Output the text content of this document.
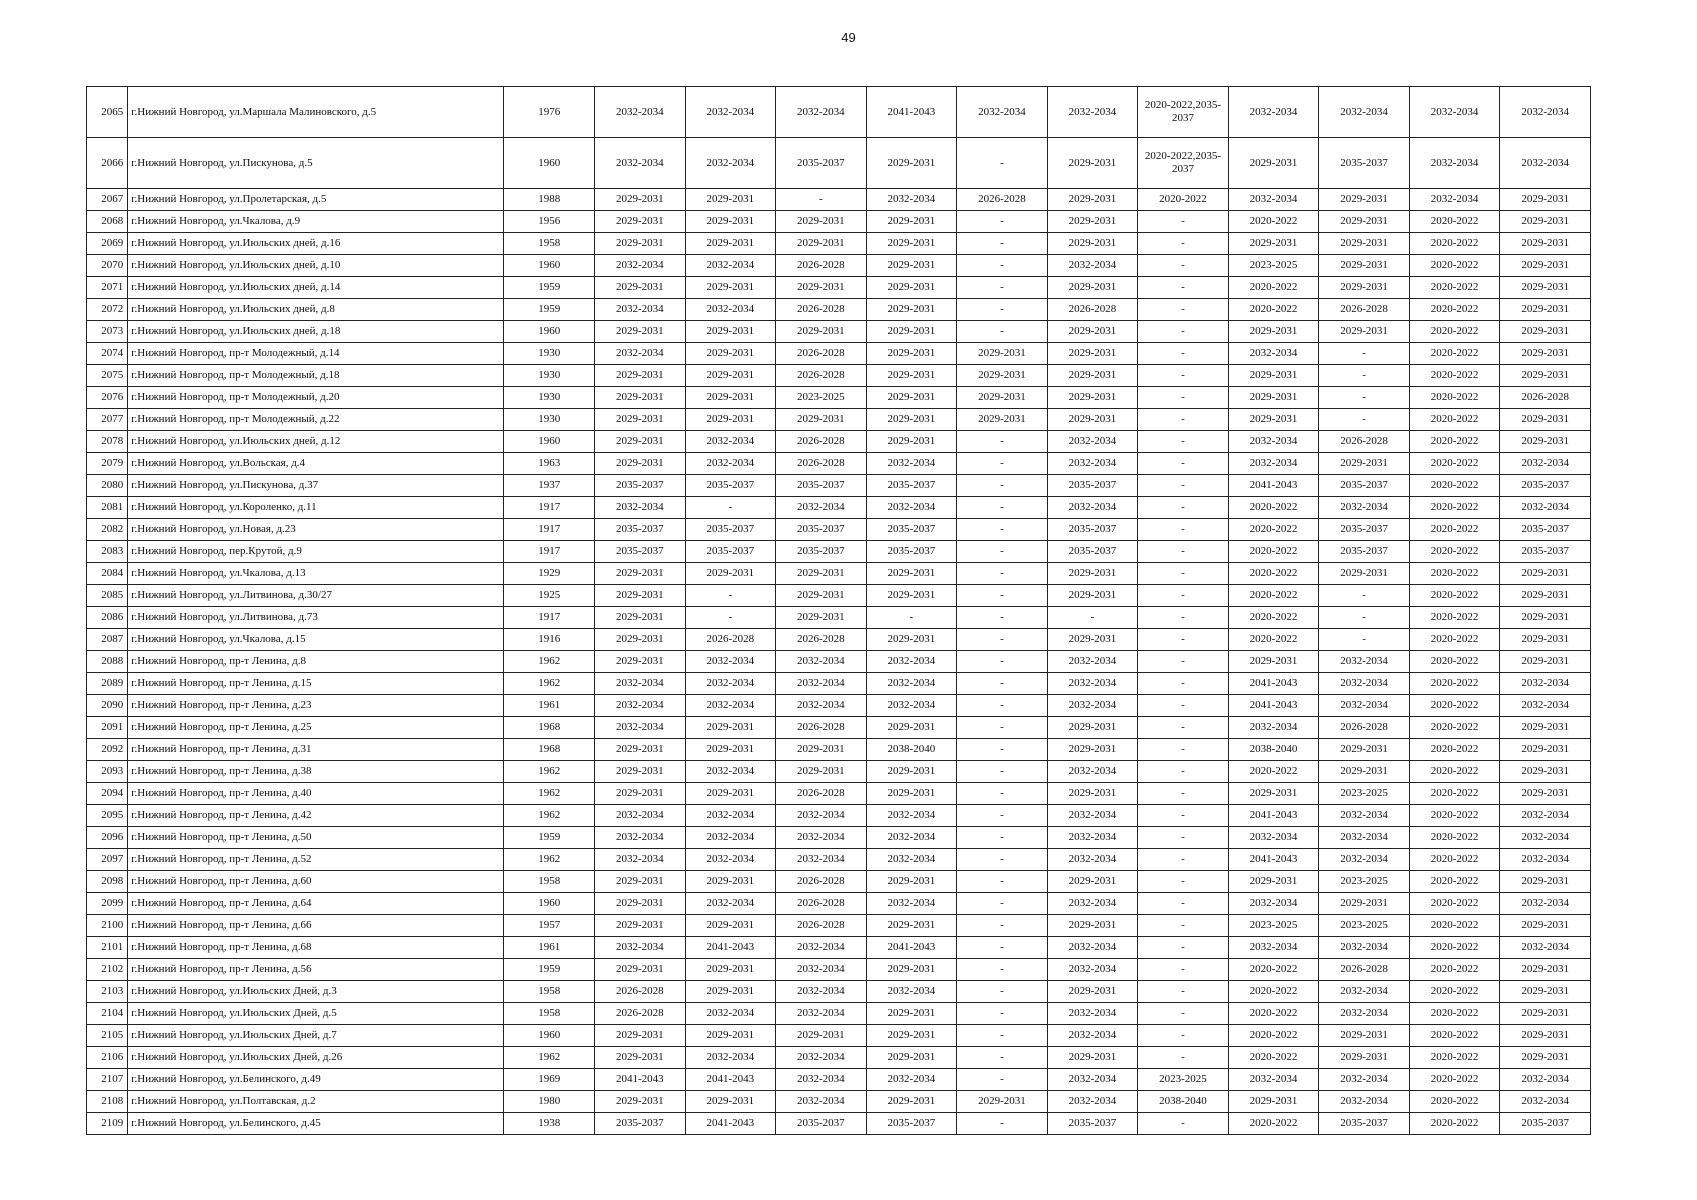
49
2065	г.Нижний Новгород, ул.Маршала Малиновского, д.5	1976	2032-2034	2032-2034	2032-2034	2041-2043	2032-2034	2032-2034	2020-2022,​2035-2037	2032-2034	2032-2034	2032-2034	2032-2034
2066	г.Нижний Новгород, ул.Пискунова, д.5	1960	2032-2034	2032-2034	2035-2037	2029-2031	-	2029-2031	2020-2022,​2035-2037	2029-2031	2035-2037	2032-2034	2032-2034
2067	г.Нижний Новгород, ул.Пролетарская, д.5	1988	2029-2031	2029-2031	-	2032-2034	2026-2028	2029-2031	2020-2022	2032-2034	2029-2031	2032-2034	2029-2031
2068	г.Нижний Новгород, ул.Чкалова, д.9	1956	2029-2031	2029-2031	2029-2031	2029-2031	-	2029-2031	-	2020-2022	2029-2031	2020-2022	2029-2031
2069	г.Нижний Новгород, ул.Июльских дней, д.16	1958	2029-2031	2029-2031	2029-2031	2029-2031	-	2029-2031	-	2029-2031	2029-2031	2020-2022	2029-2031
2070	г.Нижний Новгород, ул.Июльских дней, д.10	1960	2032-2034	2032-2034	2026-2028	2029-2031	-	2032-2034	-	2023-2025	2029-2031	2020-2022	2029-2031
2071	г.Нижний Новгород, ул.Июльских дней, д.14	1959	2029-2031	2029-2031	2029-2031	2029-2031	-	2029-2031	-	2020-2022	2029-2031	2020-2022	2029-2031
2072	г.Нижний Новгород, ул.Июльских дней, д.8	1959	2032-2034	2032-2034	2026-2028	2029-2031	-	2026-2028	-	2020-2022	2026-2028	2020-2022	2029-2031
2073	г.Нижний Новгород, ул.Июльских дней, д.18	1960	2029-2031	2029-2031	2029-2031	2029-2031	-	2029-2031	-	2029-2031	2029-2031	2020-2022	2029-2031
2074	г.Нижний Новгород, пр-т Молодежный, д.14	1930	2032-2034	2029-2031	2026-2028	2029-2031	2029-2031	2029-2031	-	2032-2034	-	2020-2022	2029-2031
2075	г.Нижний Новгород, пр-т Молодежный, д.18	1930	2029-2031	2029-2031	2026-2028	2029-2031	2029-2031	2029-2031	-	2029-2031	-	2020-2022	2029-2031
2076	г.Нижний Новгород, пр-т Молодежный, д.20	1930	2029-2031	2029-2031	2023-2025	2029-2031	2029-2031	2029-2031	-	2029-2031	-	2020-2022	2026-2028
2077	г.Нижний Новгород, пр-т Молодежный, д.22	1930	2029-2031	2029-2031	2029-2031	2029-2031	2029-2031	2029-2031	-	2029-2031	-	2020-2022	2029-2031
2078	г.Нижний Новгород, ул.Июльских дней, д.12	1960	2029-2031	2032-2034	2026-2028	2029-2031	-	2032-2034	-	2032-2034	2026-2028	2020-2022	2029-2031
2079	г.Нижний Новгород, ул.Вольская, д.4	1963	2029-2031	2032-2034	2026-2028	2032-2034	-	2032-2034	-	2032-2034	2029-2031	2020-2022	2032-2034
2080	г.Нижний Новгород, ул.Пискунова, д.37	1937	2035-2037	2035-2037	2035-2037	2035-2037	-	2035-2037	-	2041-2043	2035-2037	2020-2022	2035-2037
2081	г.Нижний Новгород, ул.Короленко, д.11	1917	2032-2034	-	2032-2034	2032-2034	-	2032-2034	-	2020-2022	2032-2034	2020-2022	2032-2034
2082	г.Нижний Новгород, ул.Новая, д.23	1917	2035-2037	2035-2037	2035-2037	2035-2037	-	2035-2037	-	2020-2022	2035-2037	2020-2022	2035-2037
2083	г.Нижний Новгород, пер.Крутой, д.9	1917	2035-2037	2035-2037	2035-2037	2035-2037	-	2035-2037	-	2020-2022	2035-2037	2020-2022	2035-2037
2084	г.Нижний Новгород, ул.Чкалова, д.13	1929	2029-2031	2029-2031	2029-2031	2029-2031	-	2029-2031	-	2020-2022	2029-2031	2020-2022	2029-2031
2085	г.Нижний Новгород, ул.Литвинова, д.30/27	1925	2029-2031	-	2029-2031	2029-2031	-	2029-2031	-	2020-2022	-	2020-2022	2029-2031
2086	г.Нижний Новгород, ул.Литвинова, д.73	1917	2029-2031	-	2029-2031	-	-	-	-	2020-2022	-	2020-2022	2029-2031
2087	г.Нижний Новгород, ул.Чкалова, д.15	1916	2029-2031	2026-2028	2026-2028	2029-2031	-	2029-2031	-	2020-2022	-	2020-2022	2029-2031
2088	г.Нижний Новгород, пр-т Ленина, д.8	1962	2029-2031	2032-2034	2032-2034	2032-2034	-	2032-2034	-	2029-2031	2032-2034	2020-2022	2029-2031
2089	г.Нижний Новгород, пр-т Ленина, д.15	1962	2032-2034	2032-2034	2032-2034	2032-2034	-	2032-2034	-	2041-2043	2032-2034	2020-2022	2032-2034
2090	г.Нижний Новгород, пр-т Ленина, д.23	1961	2032-2034	2032-2034	2032-2034	2032-2034	-	2032-2034	-	2041-2043	2032-2034	2020-2022	2032-2034
2091	г.Нижний Новгород, пр-т Ленина, д.25	1968	2032-2034	2029-2031	2026-2028	2029-2031	-	2029-2031	-	2032-2034	2026-2028	2020-2022	2029-2031
2092	г.Нижний Новгород, пр-т Ленина, д.31	1968	2029-2031	2029-2031	2029-2031	2038-2040	-	2029-2031	-	2038-2040	2029-2031	2020-2022	2029-2031
2093	г.Нижний Новгород, пр-т Ленина, д.38	1962	2029-2031	2032-2034	2029-2031	2029-2031	-	2032-2034	-	2020-2022	2029-2031	2020-2022	2029-2031
2094	г.Нижний Новгород, пр-т Ленина, д.40	1962	2029-2031	2029-2031	2026-2028	2029-2031	-	2029-2031	-	2029-2031	2023-2025	2020-2022	2029-2031
2095	г.Нижний Новгород, пр-т Ленина, д.42	1962	2032-2034	2032-2034	2032-2034	2032-2034	-	2032-2034	-	2041-2043	2032-2034	2020-2022	2032-2034
2096	г.Нижний Новгород, пр-т Ленина, д.50	1959	2032-2034	2032-2034	2032-2034	2032-2034	-	2032-2034	-	2032-2034	2032-2034	2020-2022	2032-2034
2097	г.Нижний Новгород, пр-т Ленина, д.52	1962	2032-2034	2032-2034	2032-2034	2032-2034	-	2032-2034	-	2041-2043	2032-2034	2020-2022	2032-2034
2098	г.Нижний Новгород, пр-т Ленина, д.60	1958	2029-2031	2029-2031	2026-2028	2029-2031	-	2029-2031	-	2029-2031	2023-2025	2020-2022	2029-2031
2099	г.Нижний Новгород, пр-т Ленина, д.64	1960	2029-2031	2032-2034	2026-2028	2032-2034	-	2032-2034	-	2032-2034	2029-2031	2020-2022	2032-2034
2100	г.Нижний Новгород, пр-т Ленина, д.66	1957	2029-2031	2029-2031	2026-2028	2029-2031	-	2029-2031	-	2023-2025	2023-2025	2020-2022	2029-2031
2101	г.Нижний Новгород, пр-т Ленина, д.68	1961	2032-2034	2041-2043	2032-2034	2041-2043	-	2032-2034	-	2032-2034	2032-2034	2020-2022	2032-2034
2102	г.Нижний Новгород, пр-т Ленина, д.56	1959	2029-2031	2029-2031	2032-2034	2029-2031	-	2032-2034	-	2020-2022	2026-2028	2020-2022	2029-2031
2103	г.Нижний Новгород, ул.Июльских Дней, д.3	1958	2026-2028	2029-2031	2032-2034	2032-2034	-	2029-2031	-	2020-2022	2032-2034	2020-2022	2029-2031
2104	г.Нижний Новгород, ул.Июльских Дней, д.5	1958	2026-2028	2032-2034	2032-2034	2029-2031	-	2032-2034	-	2020-2022	2032-2034	2020-2022	2029-2031
2105	г.Нижний Новгород, ул.Июльских Дней, д.7	1960	2029-2031	2029-2031	2029-2031	2029-2031	-	2032-2034	-	2020-2022	2029-2031	2020-2022	2029-2031
2106	г.Нижний Новгород, ул.Июльских Дней, д.26	1962	2029-2031	2032-2034	2032-2034	2029-2031	-	2029-2031	-	2020-2022	2029-2031	2020-2022	2029-2031
2107	г.Нижний Новгород, ул.Белинского, д.49	1969	2041-2043	2041-2043	2032-2034	2032-2034	-	2032-2034	2023-2025	2032-2034	2032-2034	2020-2022	2032-2034
2108	г.Нижний Новгород, ул.Полтавская, д.2	1980	2029-2031	2029-2031	2032-2034	2029-2031	2029-2031	2032-2034	2038-2040	2029-2031	2032-2034	2020-2022	2032-2034
2109	г.Нижний Новгород, ул.Белинского, д.45	1938	2035-2037	2041-2043	2035-2037	2035-2037	-	2035-2037	-	2020-2022	2035-2037	2020-2022	2035-2037
